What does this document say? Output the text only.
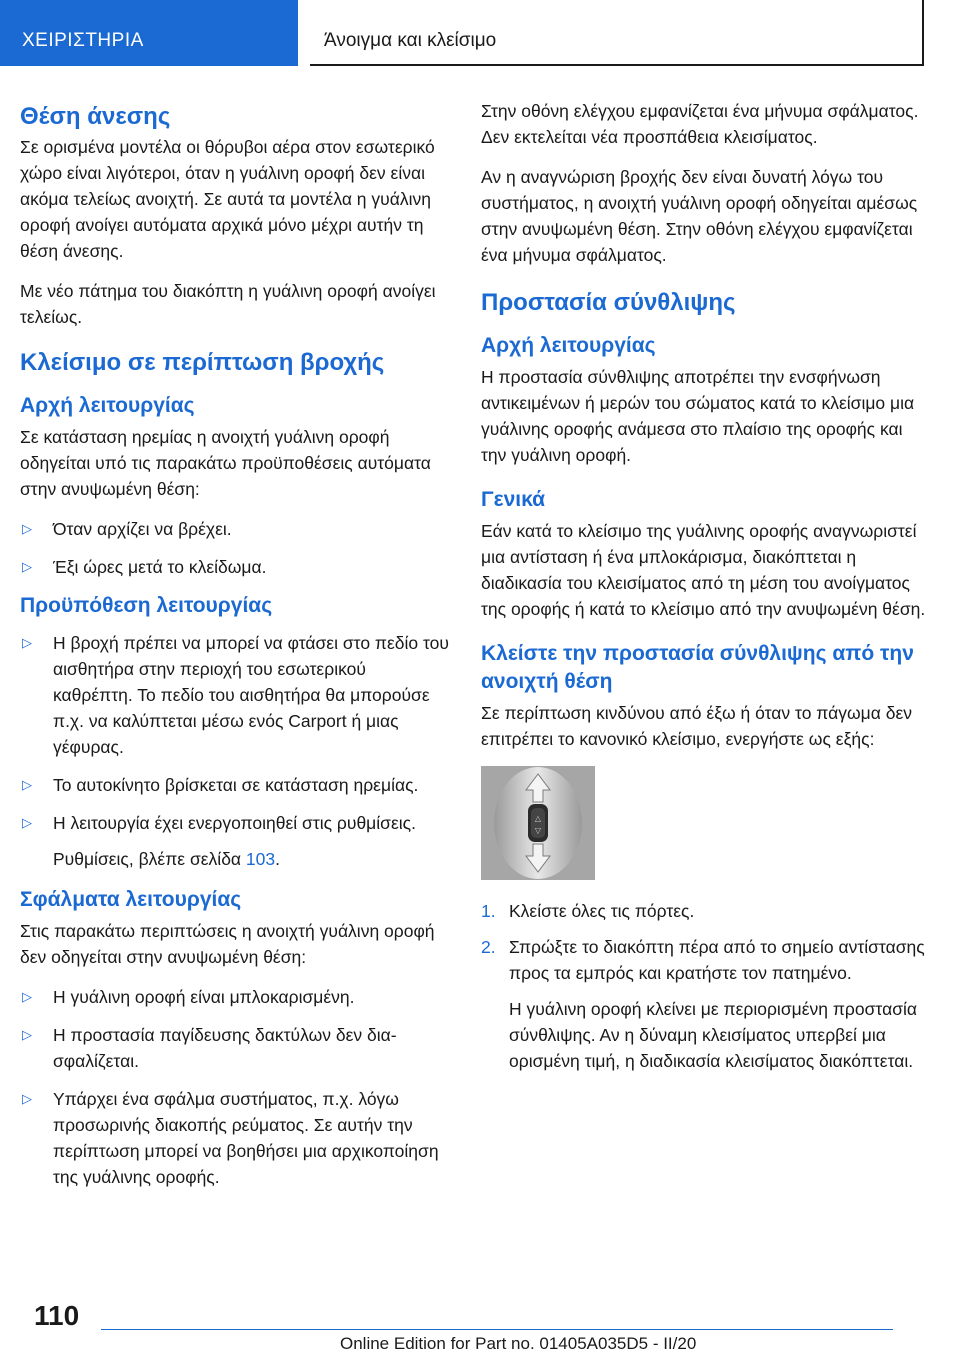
ΧΕΙΡΙΣΤΗΡΙΑ	Άνοιγμα και κλείσιμο
Θέση άνεσης

Σε ορισμένα μοντέλα οι θόρυβοι αέρα στον εσωτερικό χώρο είναι λιγότεροι, όταν η γυάλινη οροφή δεν είναι ακόμα τελείως ανοιχτή. Σε αυτά τα μοντέλα η γυάλινη οροφή ανοίγει αυτόματα αρχικά μόνο μέχρι αυτήν τη θέση άνεσης.

Με νέο πάτημα του διακόπτη η γυάλινη οροφή ανοίγει τελείως.

Κλείσιμο σε περίπτωση βροχής
Αρχή λειτουργίας

Σε κατάσταση ηρεμίας η ανοιχτή γυάλινη οροφή οδηγείται υπό τις παρακάτω προϋποθέσεις αυτόματα στην ανυψωμένη θέση:

▷ Όταν αρχίζει να βρέχει.
▷ Έξι ώρες μετά το κλείδωμα.
Προϋπόθεση λειτουργίας
▷ Η βροχή πρέπει να μπορεί να φτάσει στο πεδίο του αισθητήρα στην περιοχή του εσωτερικού καθρέπτη. Το πεδίο του αισθητήρα θα μπορούσε π.χ. να καλύπτεται μέσω ενός Carport ή μιας γέφυρας.
▷ Το αυτοκίνητο βρίσκεται σε κατάσταση ηρεμίας.
▷ Η λειτουργία έχει ενεργοποιηθεί στις ρυθμίσεις.
Ρυθμίσεις, βλέπε σελίδα 103.
Σφάλματα λειτουργίας

Στις παρακάτω περιπτώσεις η ανοιχτή γυάλινη οροφή δεν οδηγείται στην ανυψωμένη θέση:

▷ Η γυάλινη οροφή είναι μπλοκαρισμένη.
▷ Η προστασία παγίδευσης δακτύλων δεν διασφαλίζεται.
▷ Υπάρχει ένα σφάλμα συστήματος, π.χ. λόγω προσωρινής διακοπής ρεύματος. Σε αυτήν την περίπτωση μπορεί να βοηθήσει μια αρχικοποίηση της γυάλινης οροφής.

Στην οθόνη ελέγχου εμφανίζεται ένα μήνυμα σφάλματος. Δεν εκτελείται νέα προσπάθεια κλεισίματος.

Αν η αναγνώριση βροχής δεν είναι δυνατή λόγω του συστήματος, η ανοιχτή γυάλινη οροφή οδηγείται αμέσως στην ανυψωμένη θέση. Στην οθόνη ελέγχου εμφανίζεται ένα μήνυμα σφάλματος.

Προστασία σύνθλιψης
Αρχή λειτουργίας

Η προστασία σύνθλιψης αποτρέπει την ενσφήνωση αντικειμένων ή μερών του σώματος κατά το κλείσιμο μια γυάλινης οροφής ανάμεσα στο πλαίσιο της οροφής και την γυάλινη οροφή.

Γενικά

Εάν κατά το κλείσιμο της γυάλινης οροφής αναγνωριστεί μια αντίσταση ή ένα μπλοκάρισμα, διακόπτεται η διαδικασία του κλεισίματος από τη μέση του ανοίγματος της οροφής ή κατά το κλείσιμο από την ανυψωμένη θέση.

Κλείστε την προστασία σύνθλιψης από την ανοιχτή θέση

Σε περίπτωση κινδύνου από έξω ή όταν το πάγωμα δεν επιτρέπει το κανονικό κλείσιμο, ενεργήστε ως εξής:

△
▽
1. Κλείστε όλες τις πόρτες.
2. Σπρώξτε το διακόπτη πέρα από το σημείο αντίστασης προς τα εμπρός και κρατήστε τον πατημένο.

Η γυάλινη οροφή κλείνει με περιορισμένη προστασία σύνθλιψης. Αν η δύναμη κλεισίματος υπερβεί μια ορισμένη τιμή, η διαδικασία κλεισίματος διακόπτεται.

110
Online Edition for Part no. 01405A035D5 - II/20
